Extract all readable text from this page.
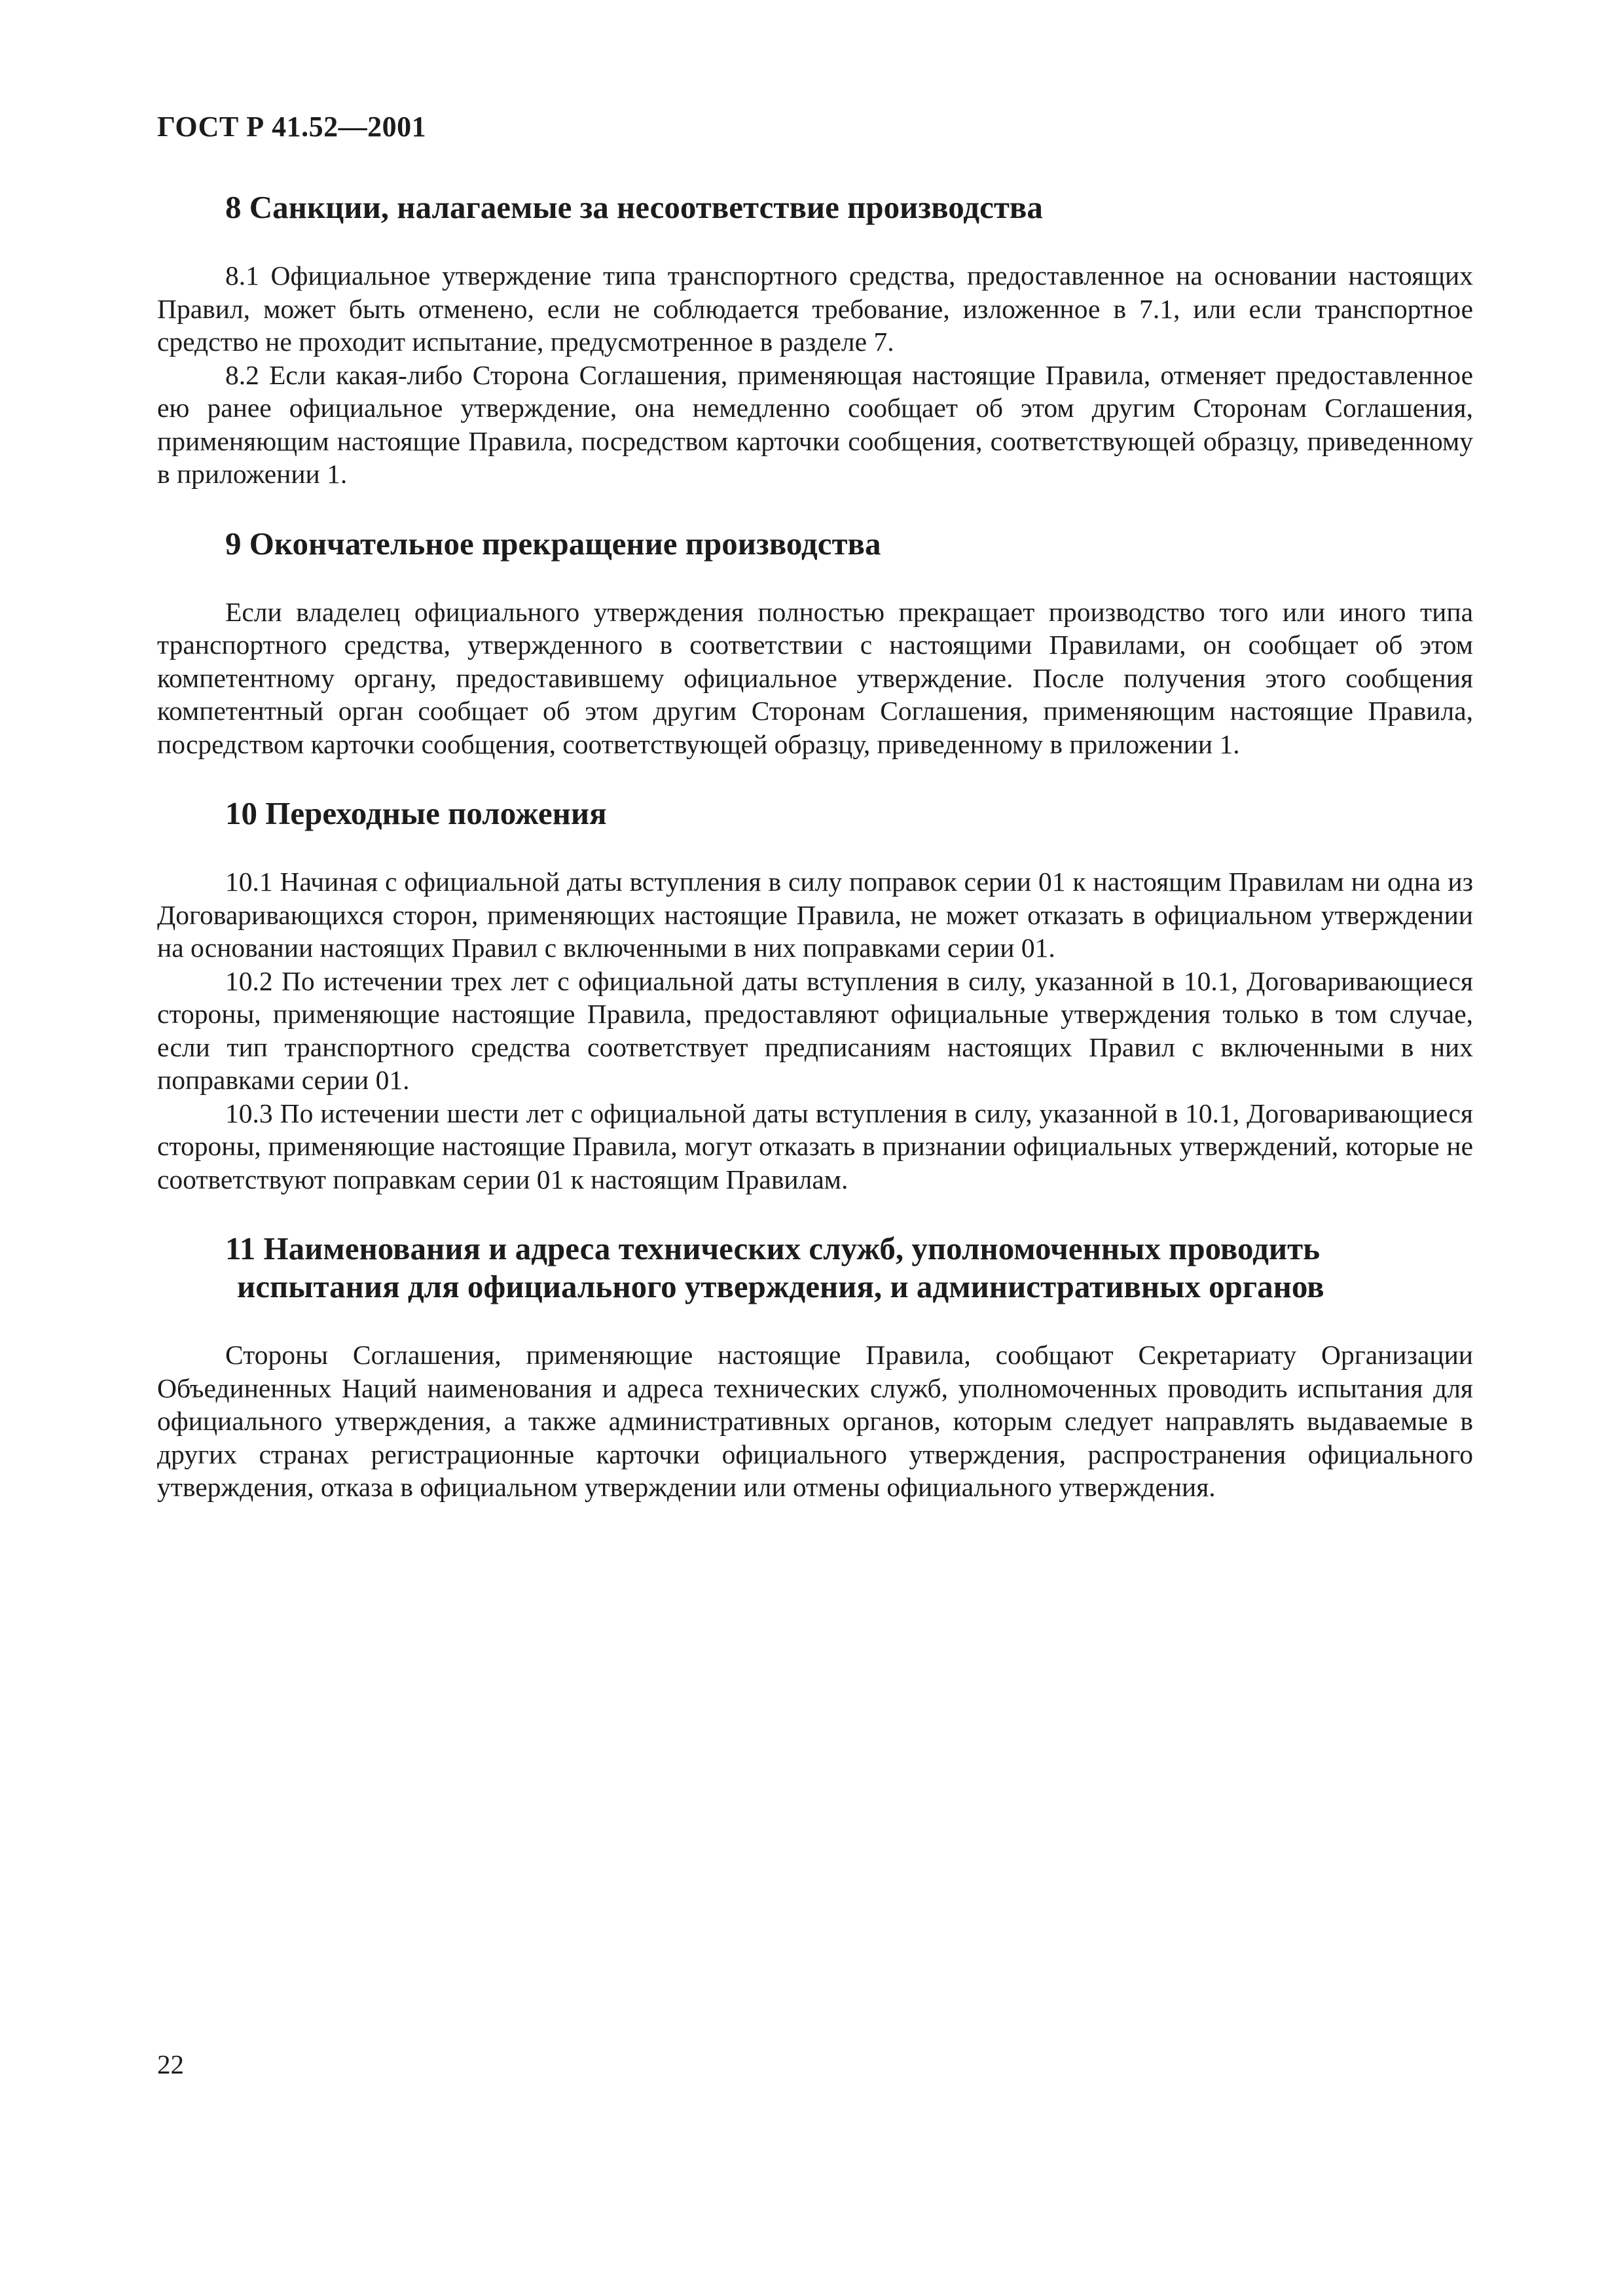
ГОСТ Р 41.52—2001
8 Санкции, налагаемые за несоответствие производства

8.1 Официальное утверждение типа транспортного средства, предоставленное на основании настоящих Правил, может быть отменено, если не соблюдается требование, изложенное в 7.1, или если транспортное средство не проходит испытание, предусмотренное в разделе 7.

8.2 Если какая-либо Сторона Соглашения, применяющая настоящие Правила, отменяет предоставленное ею ранее официальное утверждение, она немедленно сообщает об этом другим Сторонам Соглашения, применяющим настоящие Правила, посредством карточки сообщения, соответствующей образцу, приведенному в приложении 1.

9 Окончательное прекращение производства

Если владелец официального утверждения полностью прекращает производство того или иного типа транспортного средства, утвержденного в соответствии с настоящими Правилами, он сообщает об этом компетентному органу, предоставившему официальное утверждение. После получения этого сообщения компетентный орган сообщает об этом другим Сторонам Соглашения, применяющим настоящие Правила, посредством карточки сообщения, соответствующей образцу, приведенному в приложении 1.

10 Переходные положения

10.1 Начиная с официальной даты вступления в силу поправок серии 01 к настоящим Правилам ни одна из Договаривающихся сторон, применяющих настоящие Правила, не может отказать в официальном утверждении на основании настоящих Правил с включенными в них поправками серии 01.

10.2 По истечении трех лет с официальной даты вступления в силу, указанной в 10.1, Договаривающиеся стороны, применяющие настоящие Правила, предоставляют официальные утверждения только в том случае, если тип транспортного средства соответствует предписаниям настоящих Правил с включенными в них поправками серии 01.

10.3 По истечении шести лет с официальной даты вступления в силу, указанной в 10.1, Договаривающиеся стороны, применяющие настоящие Правила, могут отказать в признании официальных утверждений, которые не соответствуют поправкам серии 01 к настоящим Правилам.

11 Наименования и адреса технических служб, уполномоченных проводить
испытания для официального утверждения, и административных органов

Стороны Соглашения, применяющие настоящие Правила, сообщают Секретариату Организации Объединенных Наций наименования и адреса технических служб, уполномоченных проводить испытания для официального утверждения, а также административных органов, которым следует направлять выдаваемые в других странах регистрационные карточки официального утверждения, распространения официального утверждения, отказа в официальном утверждении или отмены официального утверждения.

22
